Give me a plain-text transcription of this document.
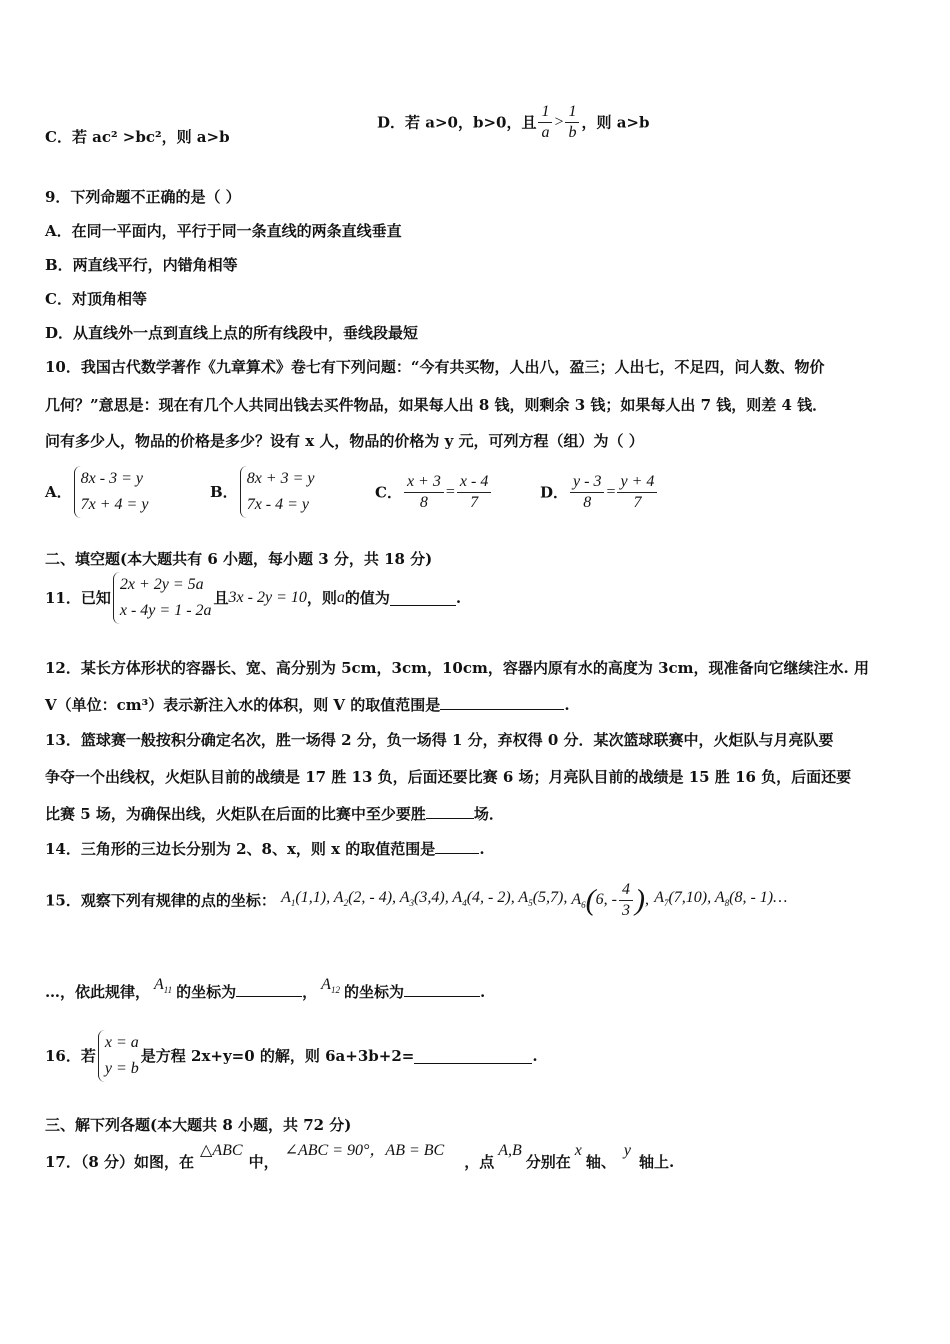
C．若 ac² >bc²，则 a>b
D．若 a>0，b>0，且 $\frac{1}{a} > \frac{1}{b}$ ，则 a>b
9．下列命题不正确的是（ ）
A．在同一平面内，平行于同一条直线的两条直线垂直
B．两直线平行，内错角相等
C．对顶角相等
D．从直线外一点到直线上点的所有线段中，垂线段最短
10．我国古代数学著作《九章算术》卷七有下列问题：“今有共买物，人出八，盈三；人出七，不足四，问人数、物价
几何？”意思是：现在有几个人共同出钱去买件物品，如果每人出 8 钱，则剩余 3 钱；如果每人出 7 钱，则差 4 钱．
问有多少人，物品的价格是多少？设有 x 人，物品的价格为 y 元，可列方程（组）为（ ）
A．
8x - 3 = y
7x + 4 = y
B．
8x + 3 = y
7x - 4 = y
C． $\frac{x + 3}{8} = \frac{x - 4}{7}$	D． $\frac{y - 3}{8} = \frac{y + 4}{7}$
二、填空题(本大题共有 6 小题，每小题 3 分，共 18 分)
11．已知
2x + 2y = 5a
x - 4y = 1 - 2a
且3x - 2y = 10，则a的值为	.
12．某长方体形状的容器长、宽、高分别为 5cm，3cm，10cm，容器内原有水的高度为 3cm，现准备向它继续注水. 用
V（单位：cm³）表示新注入水的体积，则 V 的取值范围是	.
13．篮球赛一般按积分确定名次，胜一场得 2 分，负一场得 1 分，弃权得 0 分．某次篮球联赛中，火炬队与月亮队要
争夺一个出线权，火炬队目前的战绩是 17 胜 13 负，后面还要比赛 6 场；月亮队目前的战绩是 15 胜 16 负，后面还要
比赛 5 场，为确保出线，火炬队在后面的比赛中至少要胜	场．
14．三角形的三边长分别为 2、8、x，则 x 的取值范围是	.
15．观察下列有规律的点的坐标： $A_1(1,1)$, $A_2(2$, - 4), $A_3(3,4)$, $A_4(4$, - 2), $A_5(5,7)$, $A_6(6$, - $\frac{4}{3}$ ), $A_7(7,10)$, $A_8(8$, - 1)…
…，依此规律， $A_{11}$ 的坐标为	， $A_{12}$ 的坐标为	.
16．若
x = a
y = b
是方程 2x+y=0 的解，则 6a+3b+2=	.
三、解下列各题(本大题共 8 小题，共 72 分)
17．（8 分）如图，在△ABC中，∠ABC = 90°，AB = BC，点A,B分别在x轴、y轴上.
